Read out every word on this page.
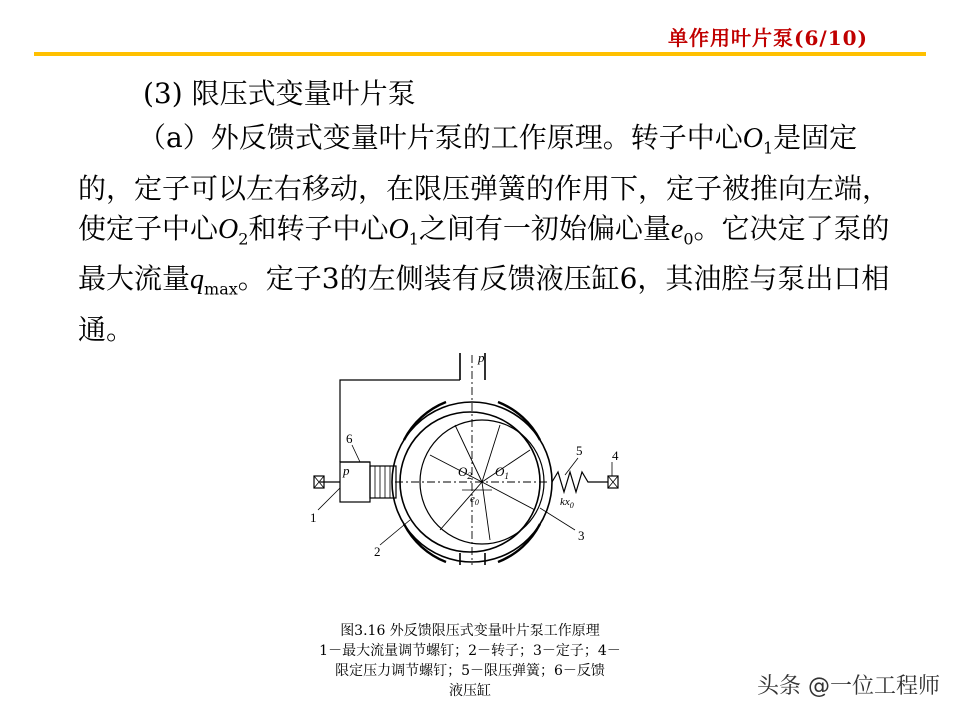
单作用叶片泵(6/10)
(3) 限压式变量叶片泵
（a）外反馈式变量叶片泵的工作原理。转子中心$O_1$是固定的，定子可以左右移动，在限压弹簧的作用下，定子被推向左端，使定子中心$O_2$和转子中心$O_1$之间有一初始偏心量$e_0$。它决定了泵的最大流量$q_{max}$。定子3的左侧装有反馈液压缸6，其油腔与泵出口相通。
p
p
1
2
3
4
5
6
$O_2$ $O_1$
$e_0$	$kx_0$
图3.16 外反馈限压式变量叶片泵工作原理
1－最大流量调节螺钉；2－转子；3－定子；4－
限定压力调节螺钉；5－限压弹簧；6－反馈
液压缸	头条 @一位工程师
